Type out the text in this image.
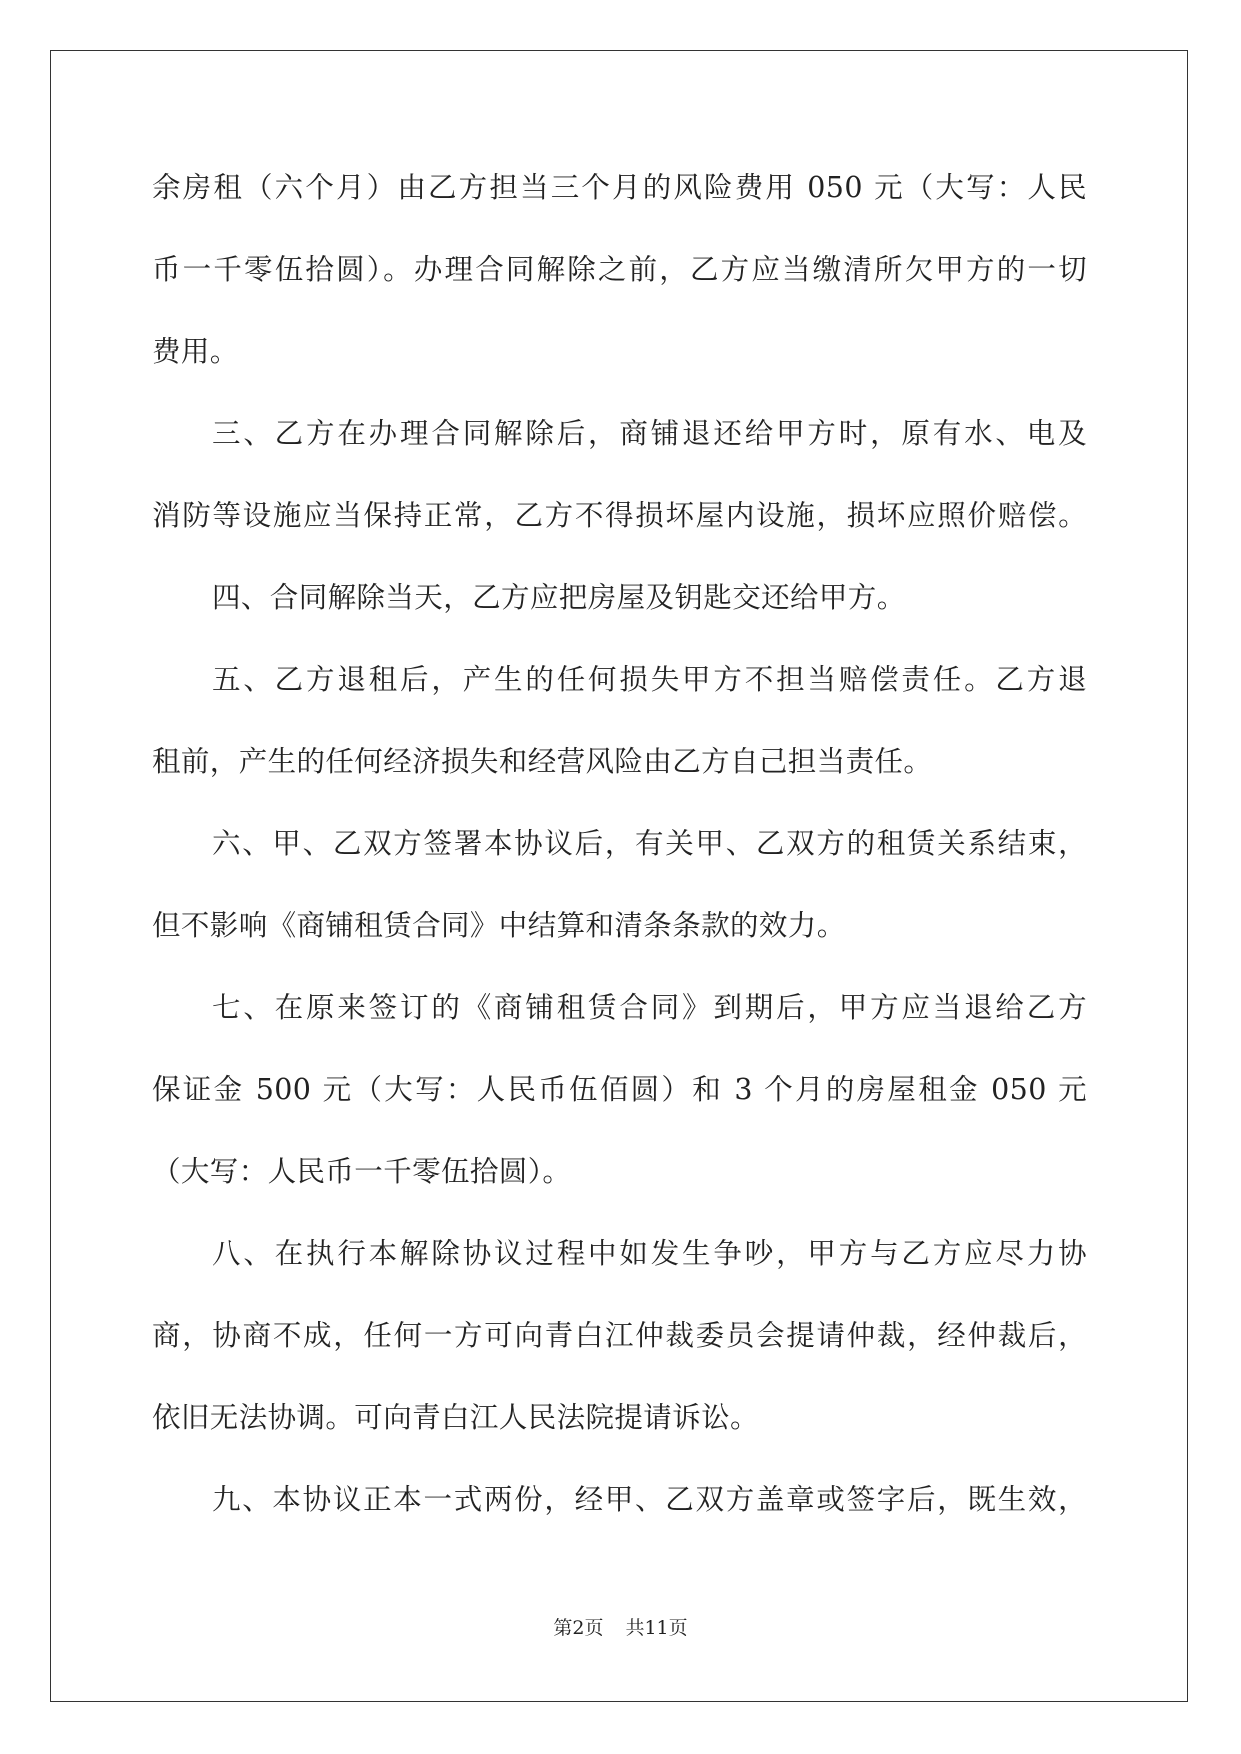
余房租（六个月）由乙方担当三个月的风险费用 050 元（大写：人民
币一千零伍拾圆）。办理合同解除之前，乙方应当缴清所欠甲方的一切
费用。
三、乙方在办理合同解除后，商铺退还给甲方时，原有水、电及
消防等设施应当保持正常，乙方不得损坏屋内设施，损坏应照价赔偿。
四、合同解除当天，乙方应把房屋及钥匙交还给甲方。
五、乙方退租后，产生的任何损失甲方不担当赔偿责任。乙方退
租前，产生的任何经济损失和经营风险由乙方自己担当责任。
六、甲、乙双方签署本协议后，有关甲、乙双方的租赁关系结束，
但不影响《商铺租赁合同》中结算和清条条款的效力。
七、在原来签订的《商铺租赁合同》到期后，甲方应当退给乙方
保证金 500 元（大写：人民币伍佰圆）和 3 个月的房屋租金 050 元
（大写：人民币一千零伍拾圆）。
八、在执行本解除协议过程中如发生争吵，甲方与乙方应尽力协
商，协商不成，任何一方可向青白江仲裁委员会提请仲裁，经仲裁后，
依旧无法协调。可向青白江人民法院提请诉讼。
九、本协议正本一式两份，经甲、乙双方盖章或签字后，既生效，
第2页 共11页
